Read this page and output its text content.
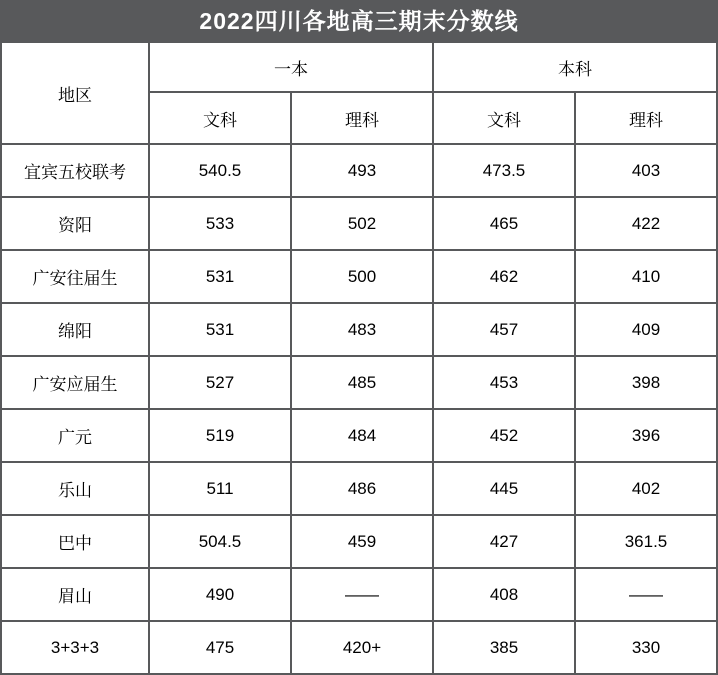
2022四川各地高三期末分数线
地区	一本		本科	
	文科	理科	文科	理科
宜宾五校联考	540.5	493	473.5	403
资阳	533	502	465	422
广安往届生	531	500	462	410
绵阳	531	483	457	409
广安应届生	527	485	453	398
广元	519	484	452	396
乐山	511	486	445	402
巴中	504.5	459	427	361.5
眉山	490	——	408	——
3+3+3	475	420+	385	330
